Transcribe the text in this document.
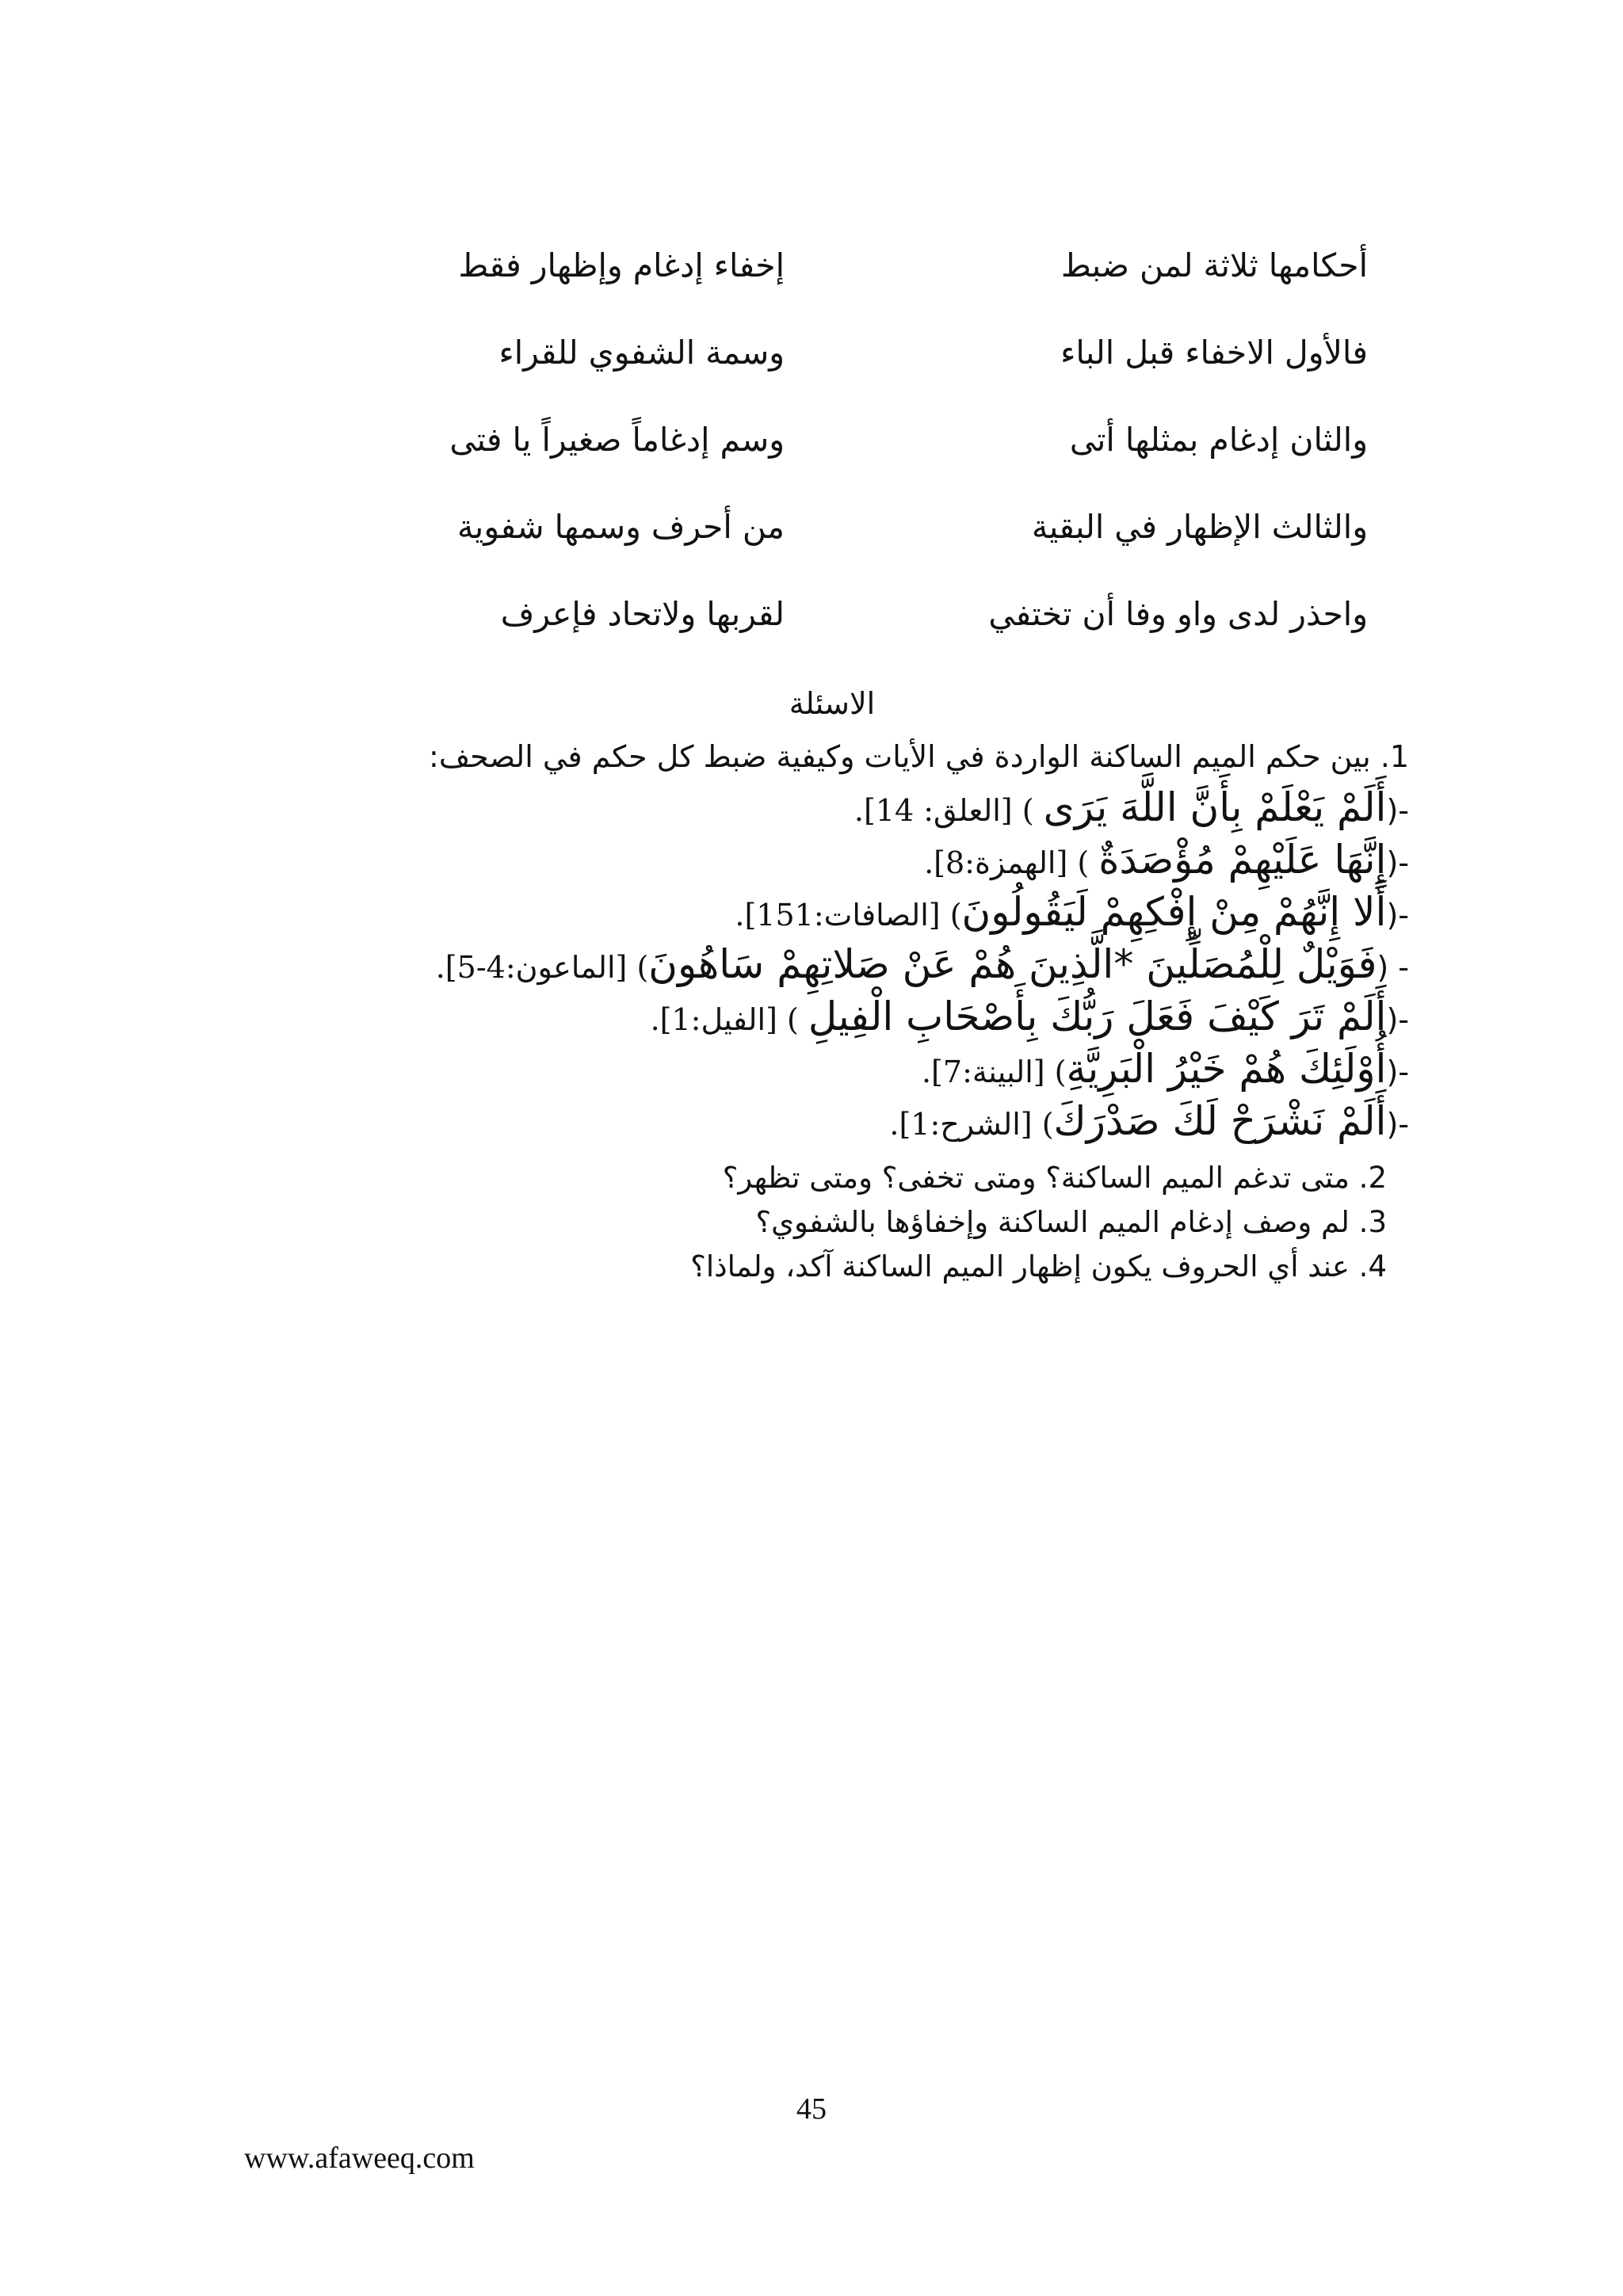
أحكامها ثلاثة لمن ضبط
إخفاء إدغام وإظهار فقط
فالأول الاخفاء قبل الباء
وسمة الشفوي للقراء
والثان إدغام بمثلها أتى
وسم إدغاماً صغيراً يا فتى
والثالث الإظهار في البقية
من أحرف وسمها شفوية
واحذر لدى واو وفا أن تختفي
لقربها ولاتحاد فإعرف
الاسئلة
1. بين حكم الميم الساكنة الواردة في الأيات وكيفية ضبط كل حكم في الصحف:
-(أَلَمْ يَعْلَمْ بِأَنَّ اللَّهَ يَرَى ) [العلق: 14].
-(إِنَّهَا عَلَيْهِمْ مُؤْصَدَةٌ ) [الهمزة:8].
-(أَلا إِنَّهُمْ مِنْ إِفْكِهِمْ لَيَقُولُونَ) [الصافات:151].
- (فَوَيْلٌ لِلْمُصَلِّينَ *الَّذِينَ هُمْ عَنْ صَلاتِهِمْ سَاهُونَ) [الماعون:4-5].
-(أَلَمْ تَرَ كَيْفَ فَعَلَ رَبُّكَ بِأَصْحَابِ الْفِيلِ ) [الفيل:1].
-(أُوْلَئِكَ هُمْ خَيْرُ الْبَرِيَّةِ) [البينة:7].
-(أَلَمْ نَشْرَحْ لَكَ صَدْرَكَ) [الشرح:1].
2. متى تدغم الميم الساكنة؟ ومتى تخفى؟ ومتى تظهر؟
3. لم وصف إدغام الميم الساكنة وإخفاؤها بالشفوي؟
4. عند أي الحروف يكون إظهار الميم الساكنة آكد، ولماذا؟
45
www.afaweeq.com
